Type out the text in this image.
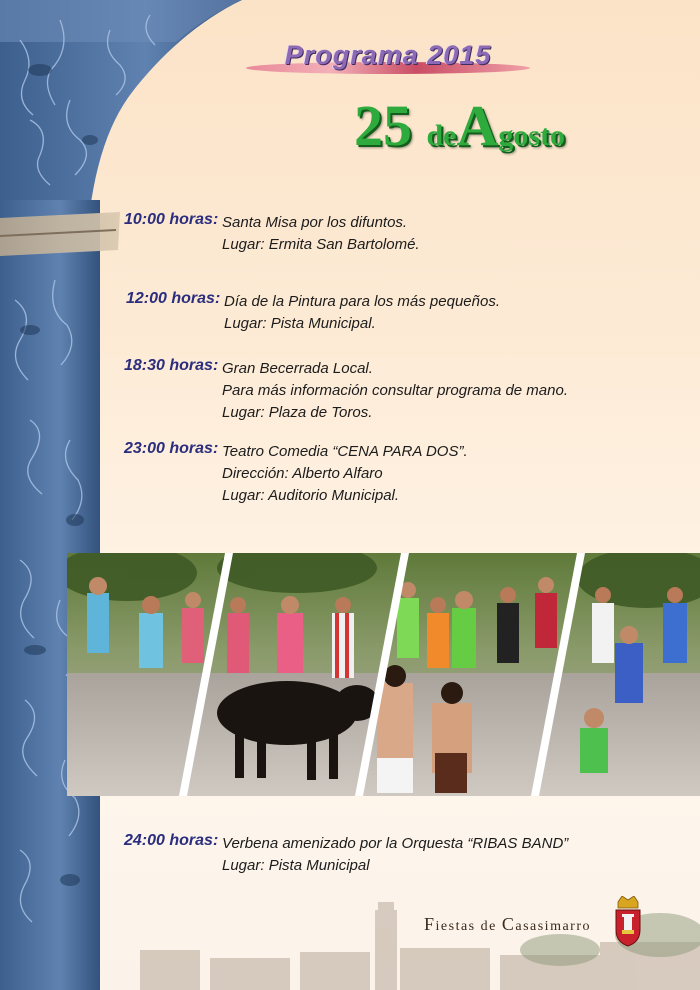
Programa 2015
25 deAgosto
10:00 horas: Santa Misa por los difuntos.
Lugar: Ermita San Bartolomé.
12:00 horas: Día de la Pintura para los más pequeños.
Lugar: Pista Municipal.
18:30 horas: Gran Becerrada Local.
Para más información consultar programa de mano.
Lugar: Plaza de Toros.
23:00 horas: Teatro Comedia “CENA PARA DOS”.
Dirección: Alberto Alfaro
Lugar: Auditorio Municipal.
24:00 horas: Verbena amenizado por la Orquesta “RIBAS BAND”
Lugar: Pista Municipal
Fiestas de Casasimarro
